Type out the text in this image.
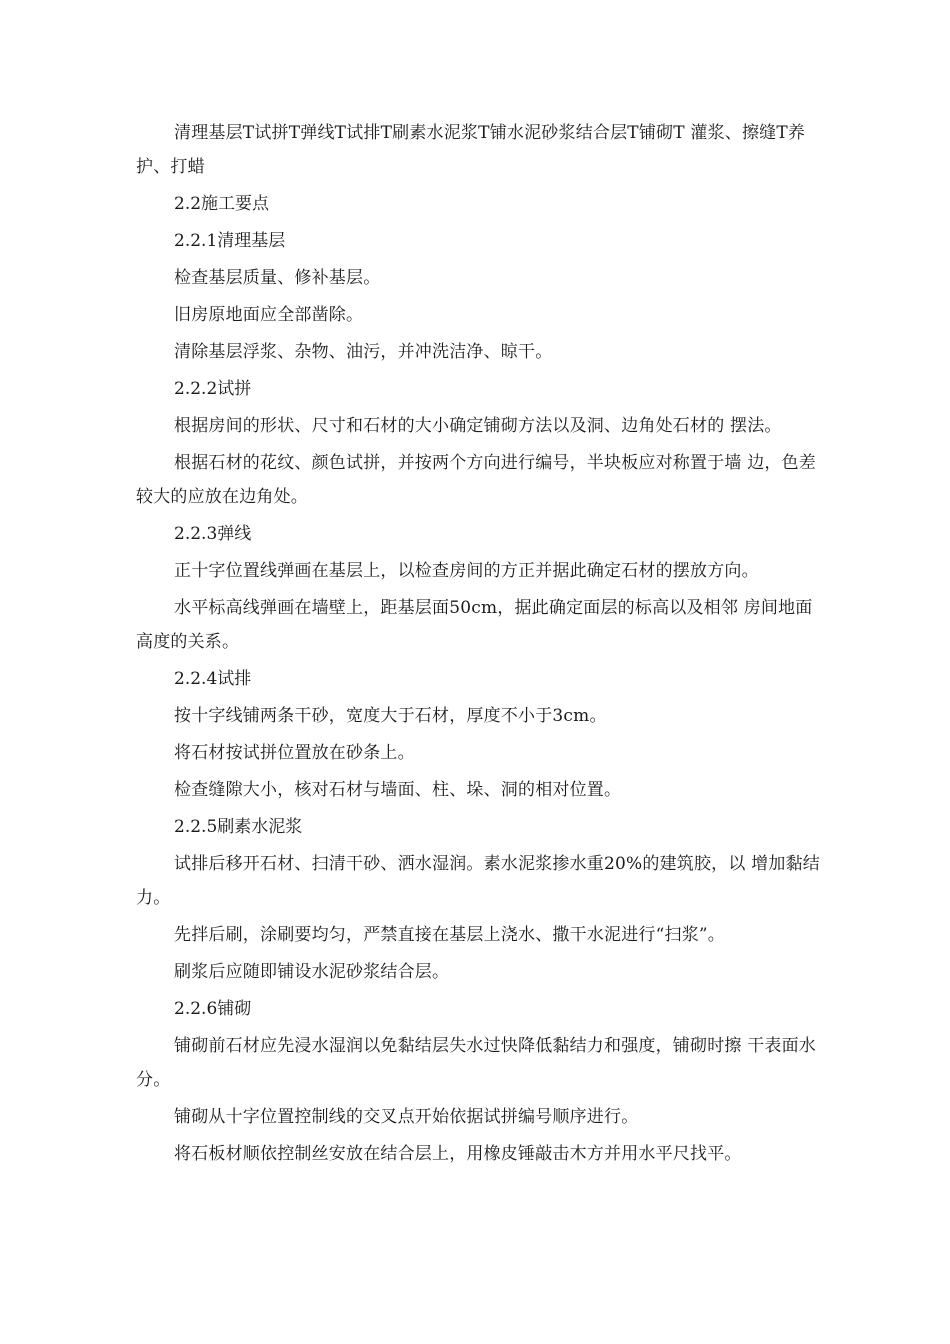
清理基层Τ试拼Τ弹线Τ试排Τ刷素水泥浆Τ铺水泥砂浆结合层Τ铺砌Τ 灌浆、擦缝Τ养护、打蜡

2.2施工要点

2.2.1清理基层

检查基层质量、修补基层。

旧房原地面应全部凿除。

清除基层浮浆、杂物、油污，并冲洗洁净、晾干。

2.2.2试拼

根据房间的形状、尺寸和石材的大小确定铺砌方法以及洞、边角处石材的 摆法。

根据石材的花纹、颜色试拼，并按两个方向进行编号，半块板应对称置于墙 边，色差较大的应放在边角处。

2.2.3弹线

正十字位置线弹画在基层上，以检查房间的方正并据此确定石材的摆放方向。

水平标高线弹画在墙壁上，距基层面50cm，据此确定面层的标高以及相邻 房间地面高度的关系。

2.2.4试排

按十字线铺两条干砂，宽度大于石材，厚度不小于3cm。

将石材按试拼位置放在砂条上。

检查缝隙大小，核对石材与墙面、柱、垛、洞的相对位置。

2.2.5刷素水泥浆

试排后移开石材、扫清干砂、洒水湿润。素水泥浆掺水重20%的建筑胶，以 增加黏结力。

先拌后刷，涂刷要均匀，严禁直接在基层上浇水、撒干水泥进行“扫浆”。

刷浆后应随即铺设水泥砂浆结合层。

2.2.6铺砌

铺砌前石材应先浸水湿润以免黏结层失水过快降低黏结力和强度，铺砌时擦 干表面水分。

铺砌从十字位置控制线的交叉点开始依据试拼编号顺序进行。

将石板材顺依控制丝安放在结合层上，用橡皮锤敲击木方并用水平尺找平。
